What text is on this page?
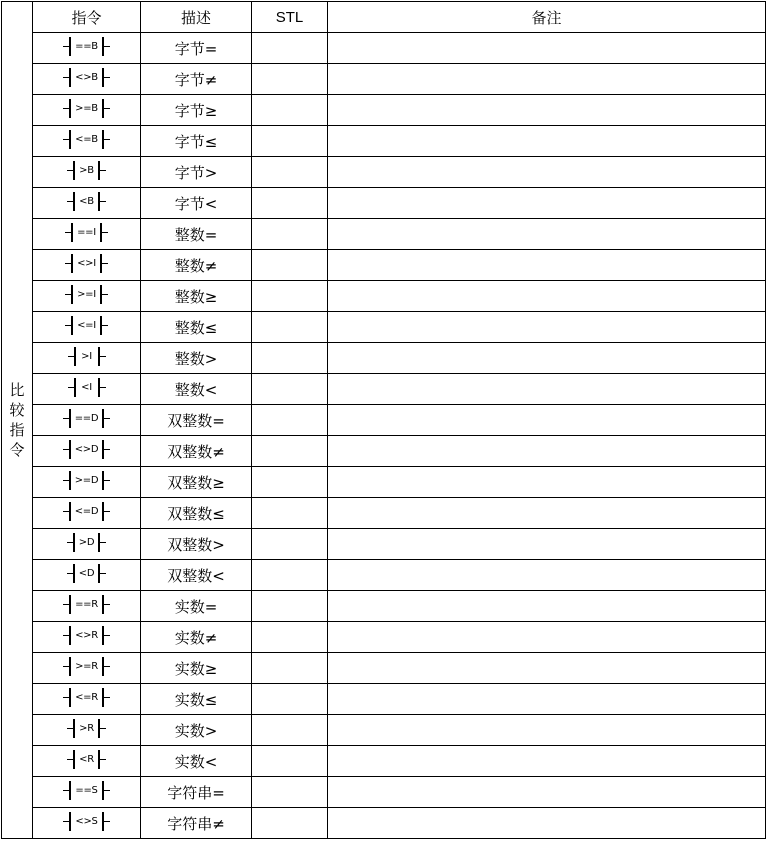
比较指令	指令	描述	STL	备注

	==B	字节=		

	<>B	字节≠		

	>=B	字节≥		

	<=B	字节≤		

	>B	字节>		

	<B	字节<		

	==I	整数=		

	<>I	整数≠		

	>=I	整数≥		

	<=I	整数≤		

	>I	整数>		

	<I	整数<		

	==D	双整数=		

	<>D	双整数≠		

	>=D	双整数≥		

	<=D	双整数≤		

	>D	双整数>		

	<D	双整数<		

	==R	实数=		

	<>R	实数≠		

	>=R	实数≥		

	<=R	实数≤		

	>R	实数>		

	<R	实数<		

	==S	字符串=		

	<>S	字符串≠		
